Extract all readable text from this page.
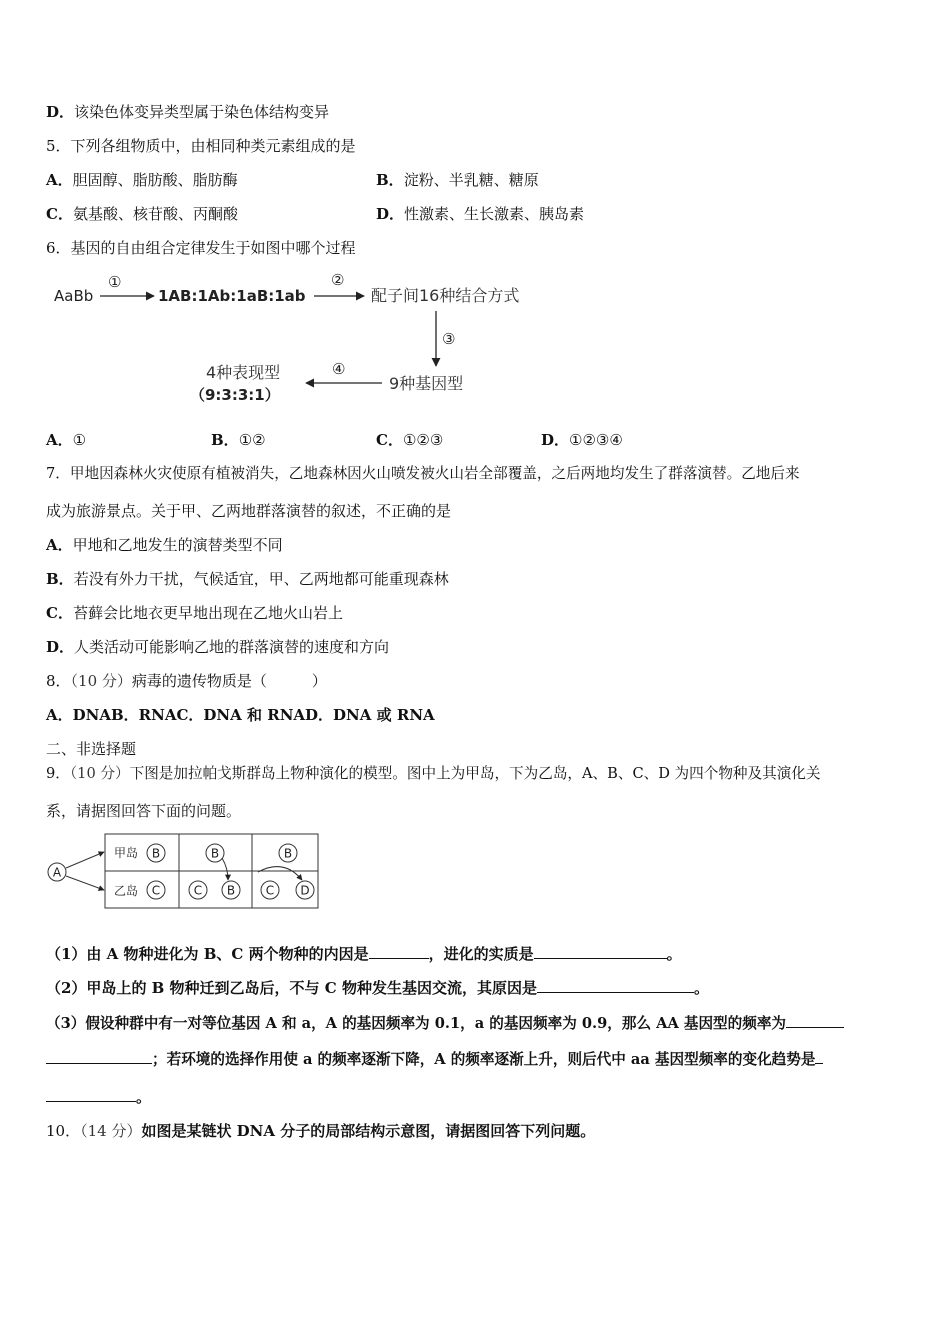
D．该染色体变异类型属于染色体结构变异
5．下列各组物质中，由相同种类元素组成的是
A．胆固醇、脂肪酸、脂肪酶	B．淀粉、半乳糖、糖原
C．氨基酸、核苷酸、丙酮酸	D．性激素、生长激素、胰岛素
6．基因的自由组合定律发生于如图中哪个过程
AaBb
①
1AB:1Ab:1aB:1ab
②
配子间16种结合方式
③
9种基因型
④
4种表现型
（9:3:3:1）
A．①	B．①②	C．①②③	D．①②③④
7．甲地因森林火灾使原有植被消失，乙地森林因火山喷发被火山岩全部覆盖，之后两地均发生了群落演替。乙地后来
成为旅游景点。关于甲、乙两地群落演替的叙述，不正确的是
A．甲地和乙地发生的演替类型不同
B．若没有外力干扰，气候适宜，甲、乙两地都可能重现森林
C．苔藓会比地衣更早地出现在乙地火山岩上
D．人类活动可能影响乙地的群落演替的速度和方向
8．（10 分）病毒的遗传物质是（　　　）
A．DNAB．RNAC．DNA 和 RNAD．DNA 或 RNA
二、非选择题
9．（10 分）下图是加拉帕戈斯群岛上物种演化的模型。图中上为甲岛，下为乙岛，A、B、C、D 为四个物种及其演化关
系，请据图回答下面的问题。
A
甲岛 B
乙岛 C
B
C B
B
C D
（1）由 A 物种进化为 B、C 两个物种的内因是	，进化的实质是	。
（2）甲岛上的 B 物种迁到乙岛后，不与 C 物种发生基因交流，其原因是	。
（3）假设种群中有一对等位基因 A 和 a，A 的基因频率为 0.1，a 的基因频率为 0.9，那么 AA 基因型的频率为
；若环境的选择作用使 a 的频率逐渐下降，A 的频率逐渐上升，则后代中 aa 基因型频率的变化趋势是
。
10．（14 分）如图是某链状 DNA 分子的局部结构示意图，请据图回答下列问题。
